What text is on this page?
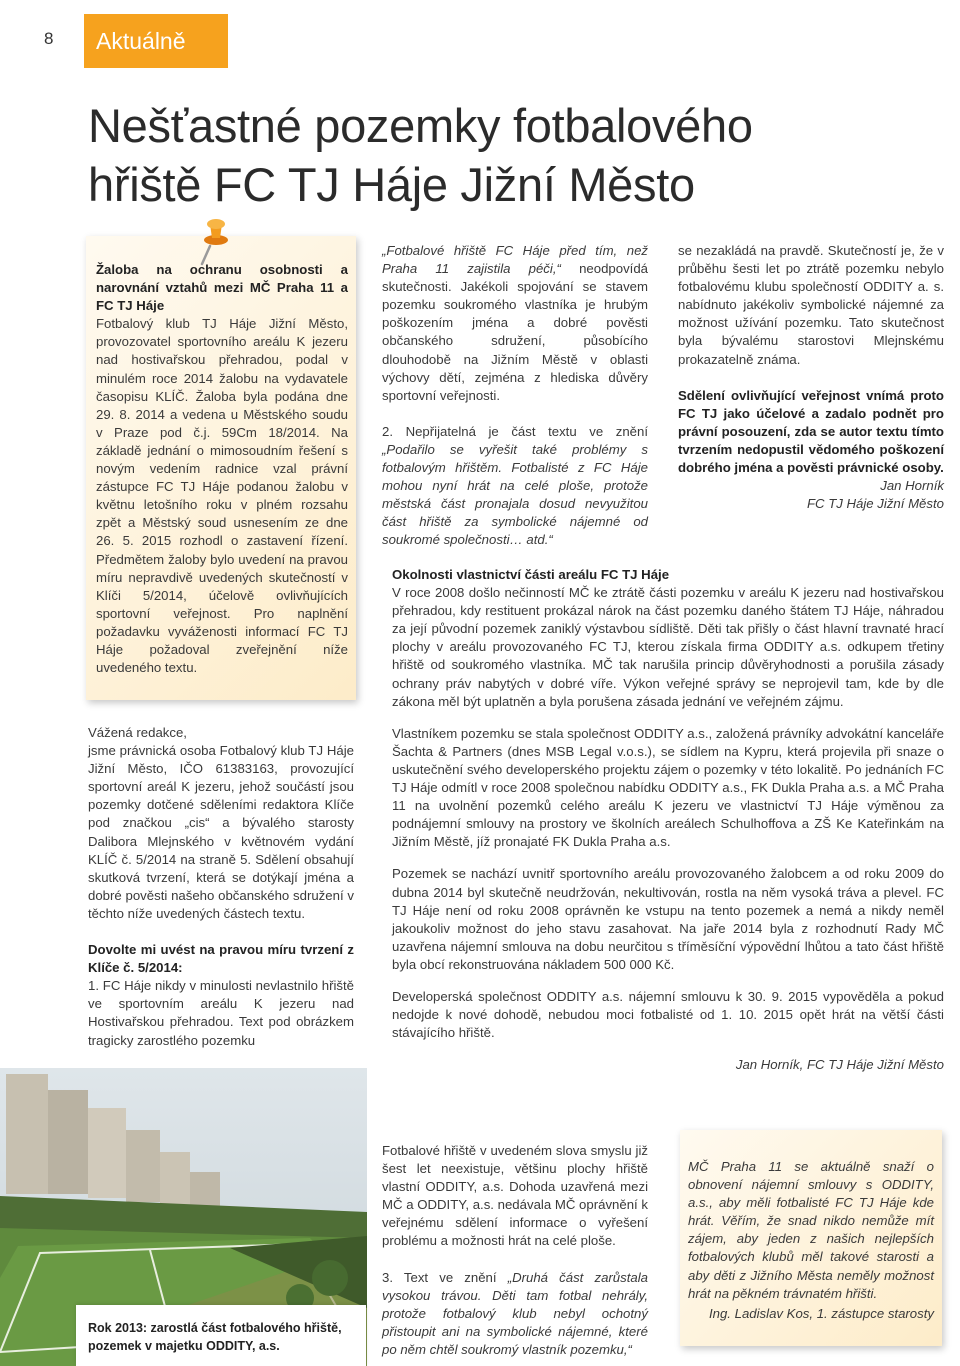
8	Aktuálně
Nešťastné pozemky fotbalového
hřiště FC TJ Háje Jižní Město

Žaloba na ochranu osobnosti a narovnání vztahů mezi MČ Praha 11 a FC TJ Háje

Fotbalový klub TJ Háje Jižní Město, provozovatel sportovního areálu K jezeru nad hostivařskou přehradou, podal v minulém roce 2014 žalobu na vydavatele časopisu KLÍČ. Žaloba byla podána dne 29. 8. 2014 a vedena u Městského soudu v Praze pod č.j. 59Cm 18/2014. Na základě jednání o mimosoudním řešení s novým vedením radnice vzal právní zástupce FC TJ Háje podanou žalobu v květnu letošního roku v plném rozsahu zpět a Městský soud usnesením ze dne 26. 5. 2015 rozhodl o zastavení řízení. Předmětem žaloby bylo uvedení na pravou míru nepravdivě uvedených skutečností v Klíči 5/2014, účelově ovlivňujících sportovní veřejnost. Pro naplnění požadavku vyváženosti informací FC TJ Háje požadoval zveřejnění níže uvedeného textu.

Vážená redakce,

jsme právnická osoba Fotbalový klub TJ Háje Jižní Město, IČO 61383163, provozující sportovní areál K jezeru, jehož součástí jsou pozemky dotčené sděleními redaktora Klíče pod značkou „cis“ a bývalého starosty Dalibora Mlejnského v květnovém vydání KLÍČ č. 5/2014 na straně 5. Sdělení obsahují skutková tvrzení, která se dotýkají jména a dobré pověsti našeho občanského sdružení v těchto níže uvedených částech textu.

Dovolte mi uvést na pravou míru tvrzení z Klíče č. 5/2014:

1. FC Háje nikdy v minulosti nevlastnilo hřiště ve sportovním areálu K jezeru nad Hostivařskou přehradou. Text pod obrázkem tragicky zarostlého pozemku

„Fotbalové hřiště FC Háje před tím, než Praha 11 zajistila péči,“ neodpovídá skutečnosti. Jakékoli spojování se stavem pozemku soukromého vlastníka je hrubým poškozením jména a dobré pověsti občanského sdružení, působícího dlouhodobě na Jižním Městě v oblasti výchovy dětí, zejména z hlediska důvěry sportovní veřejnosti.

2. Nepřijatelná je část textu ve znění „Podařilo se vyřešit také problémy s fotbalovým hřištěm. Fotbalisté z FC Háje mohou nyní hrát na celé ploše, protože městská část pronajala dosud nevyužitou část hřiště za symbolické nájemné od soukromé společnosti… atd.“

se nezakládá na pravdě. Skutečností je, že v průběhu šesti let po ztrátě pozemku nebylo fotbalovému klubu společností ODDITY a. s. nabídnuto jakékoliv symbolické nájemné za možnost užívání pozemku. Tato skutečnost byla bývalému starostovi Mlejnskému prokazatelně známa.

Sdělení ovlivňující veřejnost vnímá proto FC TJ jako účelové a zadalo podnět pro právní posouzení, zda se autor textu tímto tvrzením nedopustil vědomého poškození dobrého jména a pověsti právnické osoby.

Jan Horník

FC TJ Háje Jižní Město

Okolnosti vlastnictví části areálu FC TJ Háje
V roce 2008 došlo nečinností MČ ke ztrátě části pozemku v areálu K jezeru nad hostivařskou přehradou, kdy restituent prokázal nárok na část pozemku daného štátem TJ Háje, náhradou za její původní pozemek zaniklý výstavbou sídliště. Děti tak přišly o část hlavní travnaté hrací plochy v areálu provozovaného FC TJ, kterou získala firma ODDITY a.s. odkupem třetiny hřiště od soukromého vlastníka. MČ tak narušila princip důvěryhodnosti a porušila zásady ochrany práv nabytých v dobré víře. Výkon veřejné správy se neprojevil tam, kde by dle zákona měl být uplatněn a byla porušena zásada jednání ve veřejném zájmu.

Vlastníkem pozemku se stala společnost ODDITY a.s., založená právníky advokátní kanceláře Šachta & Partners (dnes MSB Legal v.o.s.), se sídlem na Kypru, která projevila při snaze o uskutečnění svého developerského projektu zájem o pozemky v této lokalitě. Po jednáních FC TJ Háje odmítl v roce 2008 společnou nabídku ODDITY a.s., FK Dukla Praha a.s. a MČ Praha 11 na uvolnění pozemků celého areálu K jezeru ve vlastnictví TJ Háje výměnou za podnájemní smlouvy na prostory ve školních areálech Schulhoffova a ZŠ Ke Kateřinkám na Jižním Městě, jíž pronajaté FK Dukla Praha a.s.

Pozemek se nachází uvnitř sportovního areálu provozovaného žalobcem a od roku 2009 do dubna 2014 byl skutečně neudržován, nekultivován, rostla na něm vysoká tráva a plevel. FC TJ Háje není od roku 2008 oprávněn ke vstupu na tento pozemek a nemá a nikdy neměl jakoukoliv možnost do jeho stavu zasahovat. Na jaře 2014 byla z rozhodnutí Rady MČ uzavřena nájemní smlouva na dobu neurčitou s tříměsíční výpovědní lhůtou a tato část hřiště byla obcí rekonstruována nákladem 500 000 Kč.

Developerská společnost ODDITY a.s. nájemní smlouvu k 30. 9. 2015 vypověděla a pokud nedojde k nové dohodě, nebudou moci fotbalisté od 1. 10. 2015 opět hrát na větší části stávajícího hřiště.

Jan Horník, FC TJ Háje Jižní Město

Rok 2013: zarostlá část fotbalového hřiště, pozemek v majetku ODDITY, a.s.

Fotbalové hřiště v uvedeném slova smyslu již šest let neexistuje, většinu plochy hřiště vlastní ODDITY, a.s. Dohoda uzavřená mezi MČ a ODDITY, a.s. nedávala MČ oprávnění k veřejnému sdělení informace o vyřešení problému a možnosti hrát na celé ploše.

3. Text ve znění „Druhá část zarůstala vysokou trávou. Děti tam fotbal nehrály, protože fotbalový klub nebyl ochotný přistoupit ani na symbolické nájemné, které po něm chtěl soukromý vlastník pozemku,“

MČ Praha 11 se aktuálně snaží o obnovení nájemní smlouvy s ODDITY, a.s., aby měli fotbalisté FC TJ Háje kde hrát. Věřím, že snad nikdo nemůže mít zájem, aby jeden z našich nejlepších fotbalových klubů měl takové starosti a aby děti z Jižního Města neměly možnost hrát na pěkném trávnatém hřišti.

Ing. Ladislav Kos, 1. zástupce starosty
